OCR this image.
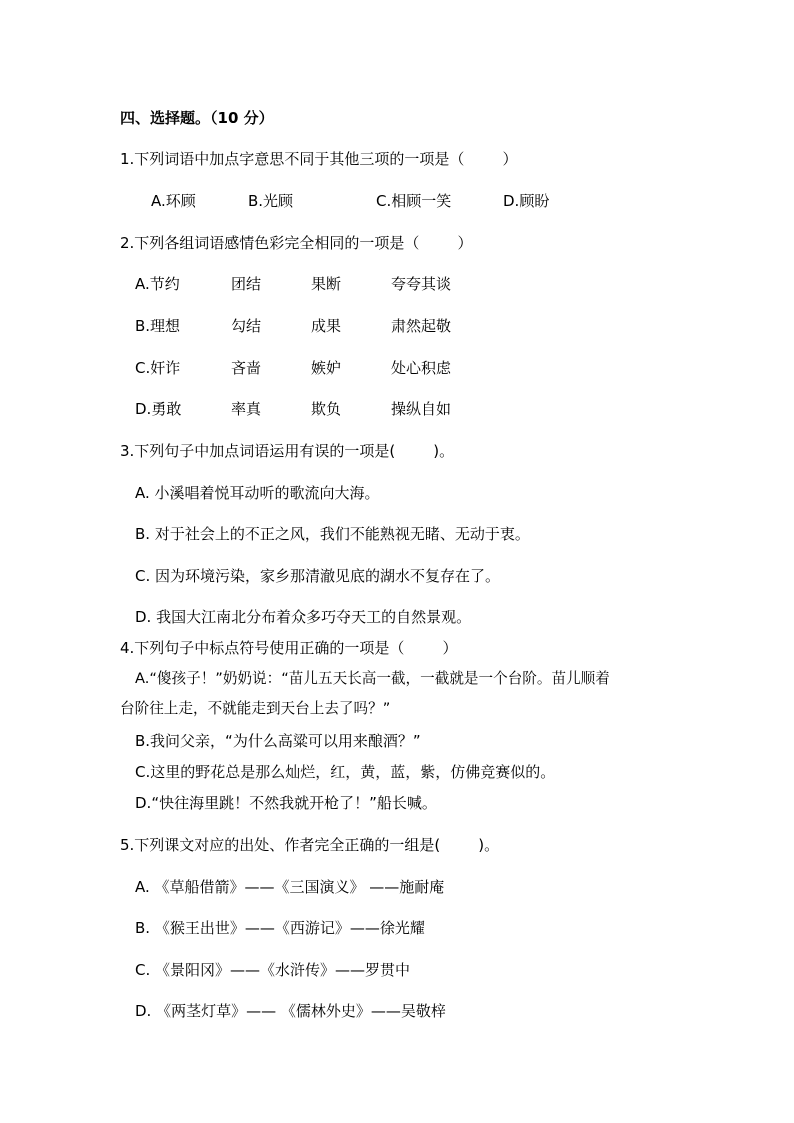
四、选择题。（10 分）
1.下列词语中加点字意思不同于其他三项的一项是（        ）
A.环顾	B.光顾	C.相顾一笑	D.顾盼
2.下列各组词语感情色彩完全相同的一项是（        ）
A.节约	团结	果断	夸夸其谈
B.理想	勾结	成果	肃然起敬
C.奸诈	吝啬	嫉妒	处心积虑
D.勇敢	率真	欺负	操纵自如
3.下列句子中加点词语运用有误的一项是(        )。
A. 小溪唱着悦耳动听的歌流向大海。
B. 对于社会上的不正之风，我们不能熟视无睹、无动于衷。
C. 因为环境污染，家乡那清澈见底的湖水不复存在了。
D. 我国大江南北分布着众多巧夺天工的自然景观。
4.下列句子中标点符号使用正确的一项是（        ）
A.“傻孩子！”奶奶说：“苗儿五天长高一截，一截就是一个台阶。苗儿顺着
台阶往上走，不就能走到天台上去了吗？”
B.我问父亲，“为什么高粱可以用来酿酒？”
C.这里的野花总是那么灿烂，红，黄，蓝，紫，仿佛竞赛似的。
D.“快往海里跳！不然我就开枪了！”船长喊。
5.下列课文对应的出处、作者完全正确的一组是(        )。
A. 《草船借箭》——《三国演义》 ——施耐庵
B. 《猴王出世》——《西游记》——徐光耀
C. 《景阳冈》——《水浒传》——罗贯中
D. 《两茎灯草》—— 《儒林外史》——吴敬梓
